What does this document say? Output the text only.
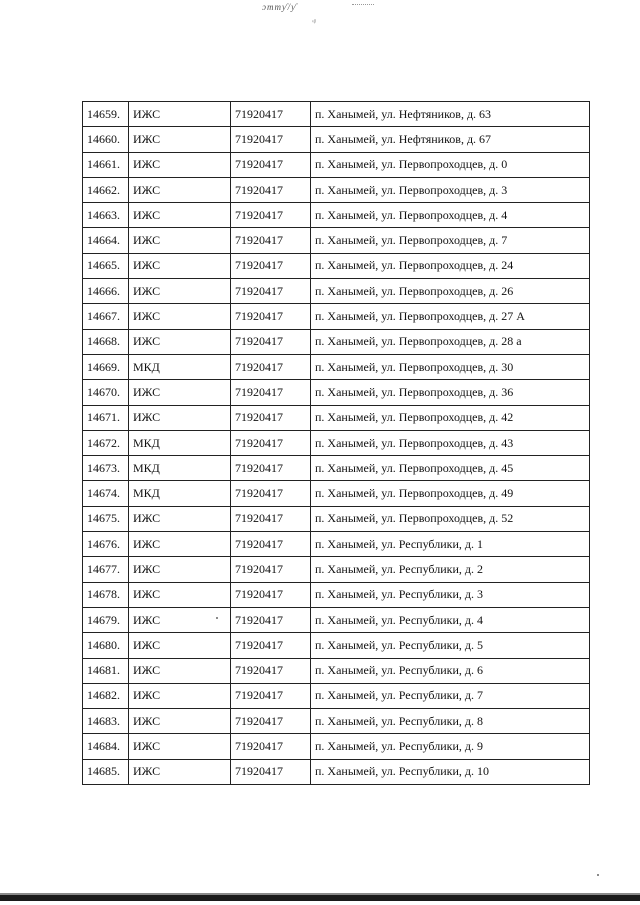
ɔттƴ/ƴ
ᵥᵦ
14659.	ИЖС	71920417	п. Ханымей, ул. Нефтяников, д. 63
14660.	ИЖС	71920417	п. Ханымей, ул. Нефтяников, д. 67
14661.	ИЖС	71920417	п. Ханымей, ул. Первопроходцев, д. 0
14662.	ИЖС	71920417	п. Ханымей, ул. Первопроходцев, д. 3
14663.	ИЖС	71920417	п. Ханымей, ул. Первопроходцев, д. 4
14664.	ИЖС	71920417	п. Ханымей, ул. Первопроходцев, д. 7
14665.	ИЖС	71920417	п. Ханымей, ул. Первопроходцев, д. 24
14666.	ИЖС	71920417	п. Ханымей, ул. Первопроходцев, д. 26
14667.	ИЖС	71920417	п. Ханымей, ул. Первопроходцев, д. 27 А
14668.	ИЖС	71920417	п. Ханымей, ул. Первопроходцев, д. 28 а
14669.	МКД	71920417	п. Ханымей, ул. Первопроходцев, д. 30
14670.	ИЖС	71920417	п. Ханымей, ул. Первопроходцев, д. 36
14671.	ИЖС	71920417	п. Ханымей, ул. Первопроходцев, д. 42
14672.	МКД	71920417	п. Ханымей, ул. Первопроходцев, д. 43
14673.	МКД	71920417	п. Ханымей, ул. Первопроходцев, д. 45
14674.	МКД	71920417	п. Ханымей, ул. Первопроходцев, д. 49
14675.	ИЖС	71920417	п. Ханымей, ул. Первопроходцев, д. 52
14676.	ИЖС	71920417	п. Ханымей, ул. Республики, д. 1
14677.	ИЖС	71920417	п. Ханымей, ул. Республики, д. 2
14678.	ИЖС	71920417	п. Ханымей, ул. Республики, д. 3
14679.	ИЖС	71920417	п. Ханымей, ул. Республики, д. 4
14680.	ИЖС	71920417	п. Ханымей, ул. Республики, д. 5
14681.	ИЖС	71920417	п. Ханымей, ул. Республики, д. 6
14682.	ИЖС	71920417	п. Ханымей, ул. Республики, д. 7
14683.	ИЖС	71920417	п. Ханымей, ул. Республики, д. 8
14684.	ИЖС	71920417	п. Ханымей, ул. Республики, д. 9
14685.	ИЖС	71920417	п. Ханымей, ул. Республики, д. 10
